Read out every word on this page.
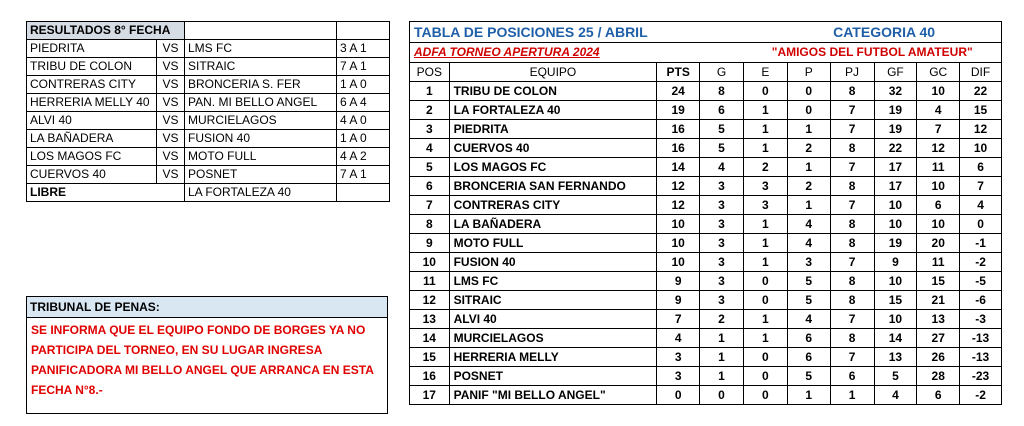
RESULTADOS 8° FECHA			
PIEDRITA	VS	LMS FC	3 A 1
TRIBU DE COLON	VS	SITRAIC	7 A 1
CONTRERAS CITY	VS	BRONCERIA S. FER	1 A 0
HERRERIA MELLY 40	VS	PAN. MI BELLO ANGEL	6 A 4
ALVI 40	VS	MURCIELAGOS	4 A 0
LA BAÑADERA	VS	FUSION 40	1 A 0
LOS MAGOS FC	VS	MOTO FULL	4 A 2
CUERVOS 40	VS	POSNET	7 A 1
LIBRE		LA FORTALEZA 40	
TRIBUNAL DE PENAS:
SE INFORMA QUE EL EQUIPO FONDO DE BORGES YA NO PARTICIPA DEL TORNEO, EN SU LUGAR INGRESA PANIFICADORA MI BELLO ANGEL QUE ARRANCA EN ESTA FECHA N°8.-
TABLA DE POSICIONES 25 / ABRIL						CATEGORIA 40			
ADFA TORNEO APERTURA 2024				"AMIGOS DEL FUTBOL AMATEUR"					
POS	EQUIPO	PTS	G	E	P	PJ	GF	GC	DIF
1	TRIBU DE COLON	24	8	0	0	8	32	10	22
2	LA FORTALEZA 40	19	6	1	0	7	19	4	15
3	PIEDRITA	16	5	1	1	7	19	7	12
4	CUERVOS 40	16	5	1	2	8	22	12	10
5	LOS MAGOS FC	14	4	2	1	7	17	11	6
6	BRONCERIA SAN FERNANDO	12	3	3	2	8	17	10	7
7	CONTRERAS CITY	12	3	3	1	7	10	6	4
8	LA BAÑADERA	10	3	1	4	8	10	10	0
9	MOTO FULL	10	3	1	4	8	19	20	-1
10	FUSION 40	10	3	1	3	7	9	11	-2
11	LMS FC	9	3	0	5	8	10	15	-5
12	SITRAIC	9	3	0	5	8	15	21	-6
13	ALVI 40	7	2	1	4	7	10	13	-3
14	MURCIELAGOS	4	1	1	6	8	14	27	-13
15	HERRERIA MELLY	3	1	0	6	7	13	26	-13
16	POSNET	3	1	0	5	6	5	28	-23
17	PANIF "MI BELLO ANGEL"	0	0	0	1	1	4	6	-2
